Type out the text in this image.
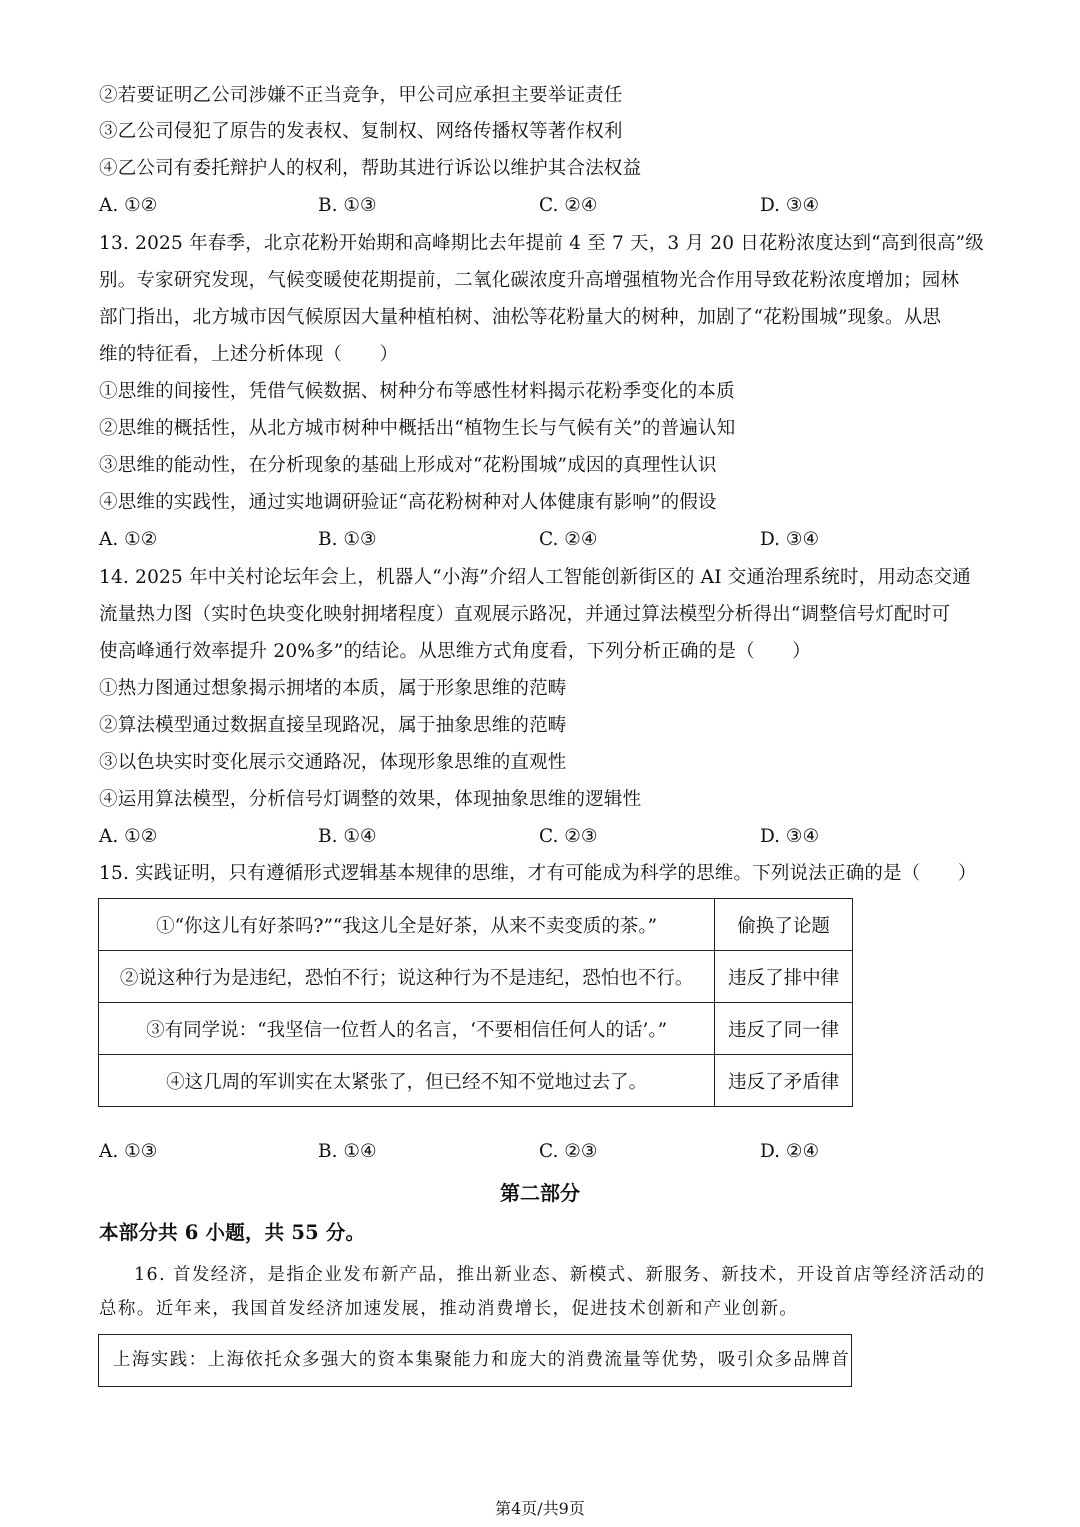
②若要证明乙公司涉嫌不正当竞争，甲公司应承担主要举证责任
③乙公司侵犯了原告的发表权、复制权、网络传播权等著作权利
④乙公司有委托辩护人的权利，帮助其进行诉讼以维护其合法权益
A. ①②	B. ①③	C. ②④	D. ③④
13. 2025 年春季，北京花粉开始期和高峰期比去年提前 4 至 7 天，3 月 20 日花粉浓度达到“高到很高”级
别。专家研究发现，气候变暖使花期提前，二氧化碳浓度升高增强植物光合作用导致花粉浓度增加；园林
部门指出，北方城市因气候原因大量种植柏树、油松等花粉量大的树种，加剧了“花粉围城”现象。从思
维的特征看，上述分析体现（　　）
①思维的间接性，凭借气候数据、树种分布等感性材料揭示花粉季变化的本质
②思维的概括性，从北方城市树种中概括出“植物生长与气候有关”的普遍认知
③思维的能动性，在分析现象的基础上形成对“花粉围城”成因的真理性认识
④思维的实践性，通过实地调研验证“高花粉树种对人体健康有影响”的假设
A. ①②	B. ①③	C. ②④	D. ③④
14. 2025 年中关村论坛年会上，机器人“小海”介绍人工智能创新街区的 AI 交通治理系统时，用动态交通
流量热力图（实时色块变化映射拥堵程度）直观展示路况，并通过算法模型分析得出“调整信号灯配时可
使高峰通行效率提升 20%多”的结论。从思维方式角度看，下列分析正确的是（　　）
①热力图通过想象揭示拥堵的本质，属于形象思维的范畴
②算法模型通过数据直接呈现路况，属于抽象思维的范畴
③以色块实时变化展示交通路况，体现形象思维的直观性
④运用算法模型，分析信号灯调整的效果，体现抽象思维的逻辑性
A. ①②	B. ①④	C. ②③	D. ③④
15. 实践证明，只有遵循形式逻辑基本规律的思维，才有可能成为科学的思维。下列说法正确的是（　　）
①“你这儿有好茶吗?”“我这儿全是好茶，从来不卖变质的茶。”	偷换了论题
②说这种行为是违纪，恐怕不行；说这种行为不是违纪，恐怕也不行。	违反了排中律
③有同学说：“我坚信一位哲人的名言，‘不要相信任何人的话’。”	违反了同一律
④这几周的军训实在太紧张了，但已经不知不觉地过去了。	违反了矛盾律
A. ①③	B. ①④	C. ②③	D. ②④
第二部分
本部分共 6 小题，共 55 分。
16. 首发经济，是指企业发布新产品，推出新业态、新模式、新服务、新技术，开设首店等经济活动的
总称。近年来，我国首发经济加速发展，推动消费增长，促进技术创新和产业创新。
上海实践：上海依托众多强大的资本集聚能力和庞大的消费流量等优势，吸引众多品牌首
第4页/共9页
